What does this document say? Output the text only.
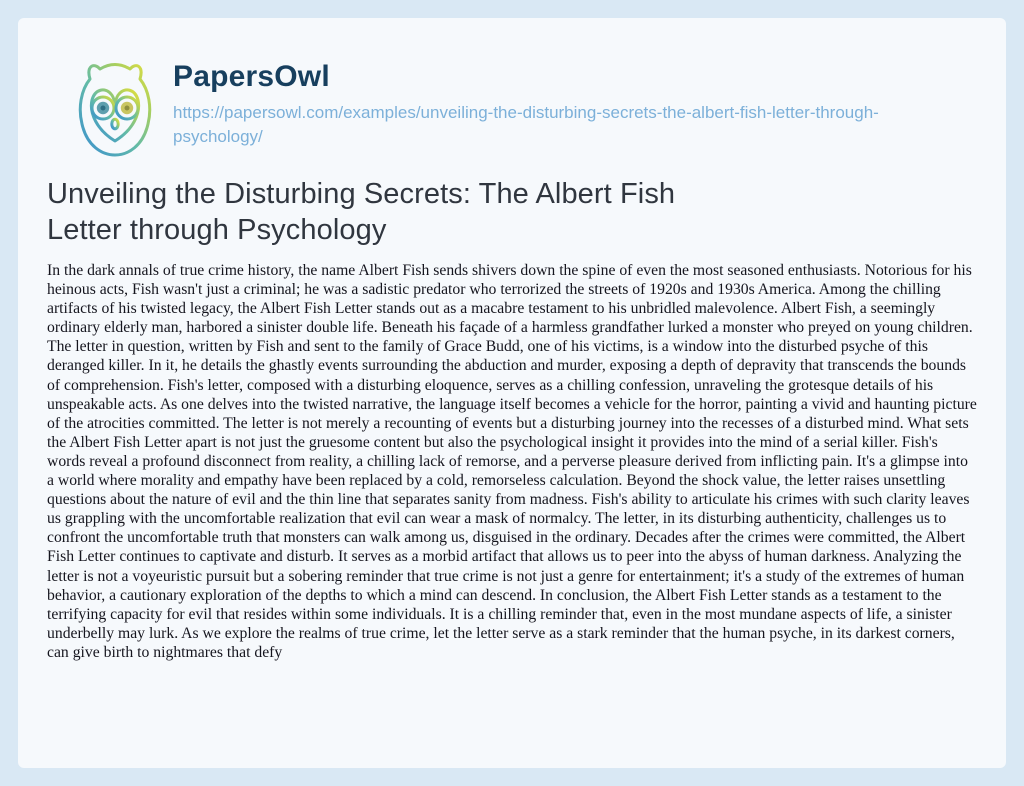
PapersOwl
https://papersowl.com/examples/unveiling-the-disturbing-secrets-the-albert-fish-letter-through-psychology/
Unveiling the Disturbing Secrets: The Albert Fish Letter through Psychology

In the dark annals of true crime history, the name Albert Fish sends shivers down the spine of even the most seasoned enthusiasts. Notorious for his heinous acts, Fish wasn't just a criminal; he was a sadistic predator who terrorized the streets of 1920s and 1930s America. Among the chilling artifacts of his twisted legacy, the Albert Fish Letter stands out as a macabre testament to his unbridled malevolence. Albert Fish, a seemingly ordinary elderly man, harbored a sinister double life. Beneath his façade of a harmless grandfather lurked a monster who preyed on young children. The letter in question, written by Fish and sent to the family of Grace Budd, one of his victims, is a window into the disturbed psyche of this deranged killer. In it, he details the ghastly events surrounding the abduction and murder, exposing a depth of depravity that transcends the bounds of comprehension. Fish's letter, composed with a disturbing eloquence, serves as a chilling confession, unraveling the grotesque details of his unspeakable acts. As one delves into the twisted narrative, the language itself becomes a vehicle for the horror, painting a vivid and haunting picture of the atrocities committed. The letter is not merely a recounting of events but a disturbing journey into the recesses of a disturbed mind. What sets the Albert Fish Letter apart is not just the gruesome content but also the psychological insight it provides into the mind of a serial killer. Fish's words reveal a profound disconnect from reality, a chilling lack of remorse, and a perverse pleasure derived from inflicting pain. It's a glimpse into a world where morality and empathy have been replaced by a cold, remorseless calculation. Beyond the shock value, the letter raises unsettling questions about the nature of evil and the thin line that separates sanity from madness. Fish's ability to articulate his crimes with such clarity leaves us grappling with the uncomfortable realization that evil can wear a mask of normalcy. The letter, in its disturbing authenticity, challenges us to confront the uncomfortable truth that monsters can walk among us, disguised in the ordinary. Decades after the crimes were committed, the Albert Fish Letter continues to captivate and disturb. It serves as a morbid artifact that allows us to peer into the abyss of human darkness. Analyzing the letter is not a voyeuristic pursuit but a sobering reminder that true crime is not just a genre for entertainment; it's a study of the extremes of human behavior, a cautionary exploration of the depths to which a mind can descend. In conclusion, the Albert Fish Letter stands as a testament to the terrifying capacity for evil that resides within some individuals. It is a chilling reminder that, even in the most mundane aspects of life, a sinister underbelly may lurk. As we explore the realms of true crime, let the letter serve as a stark reminder that the human psyche, in its darkest corners, can give birth to nightmares that defy
